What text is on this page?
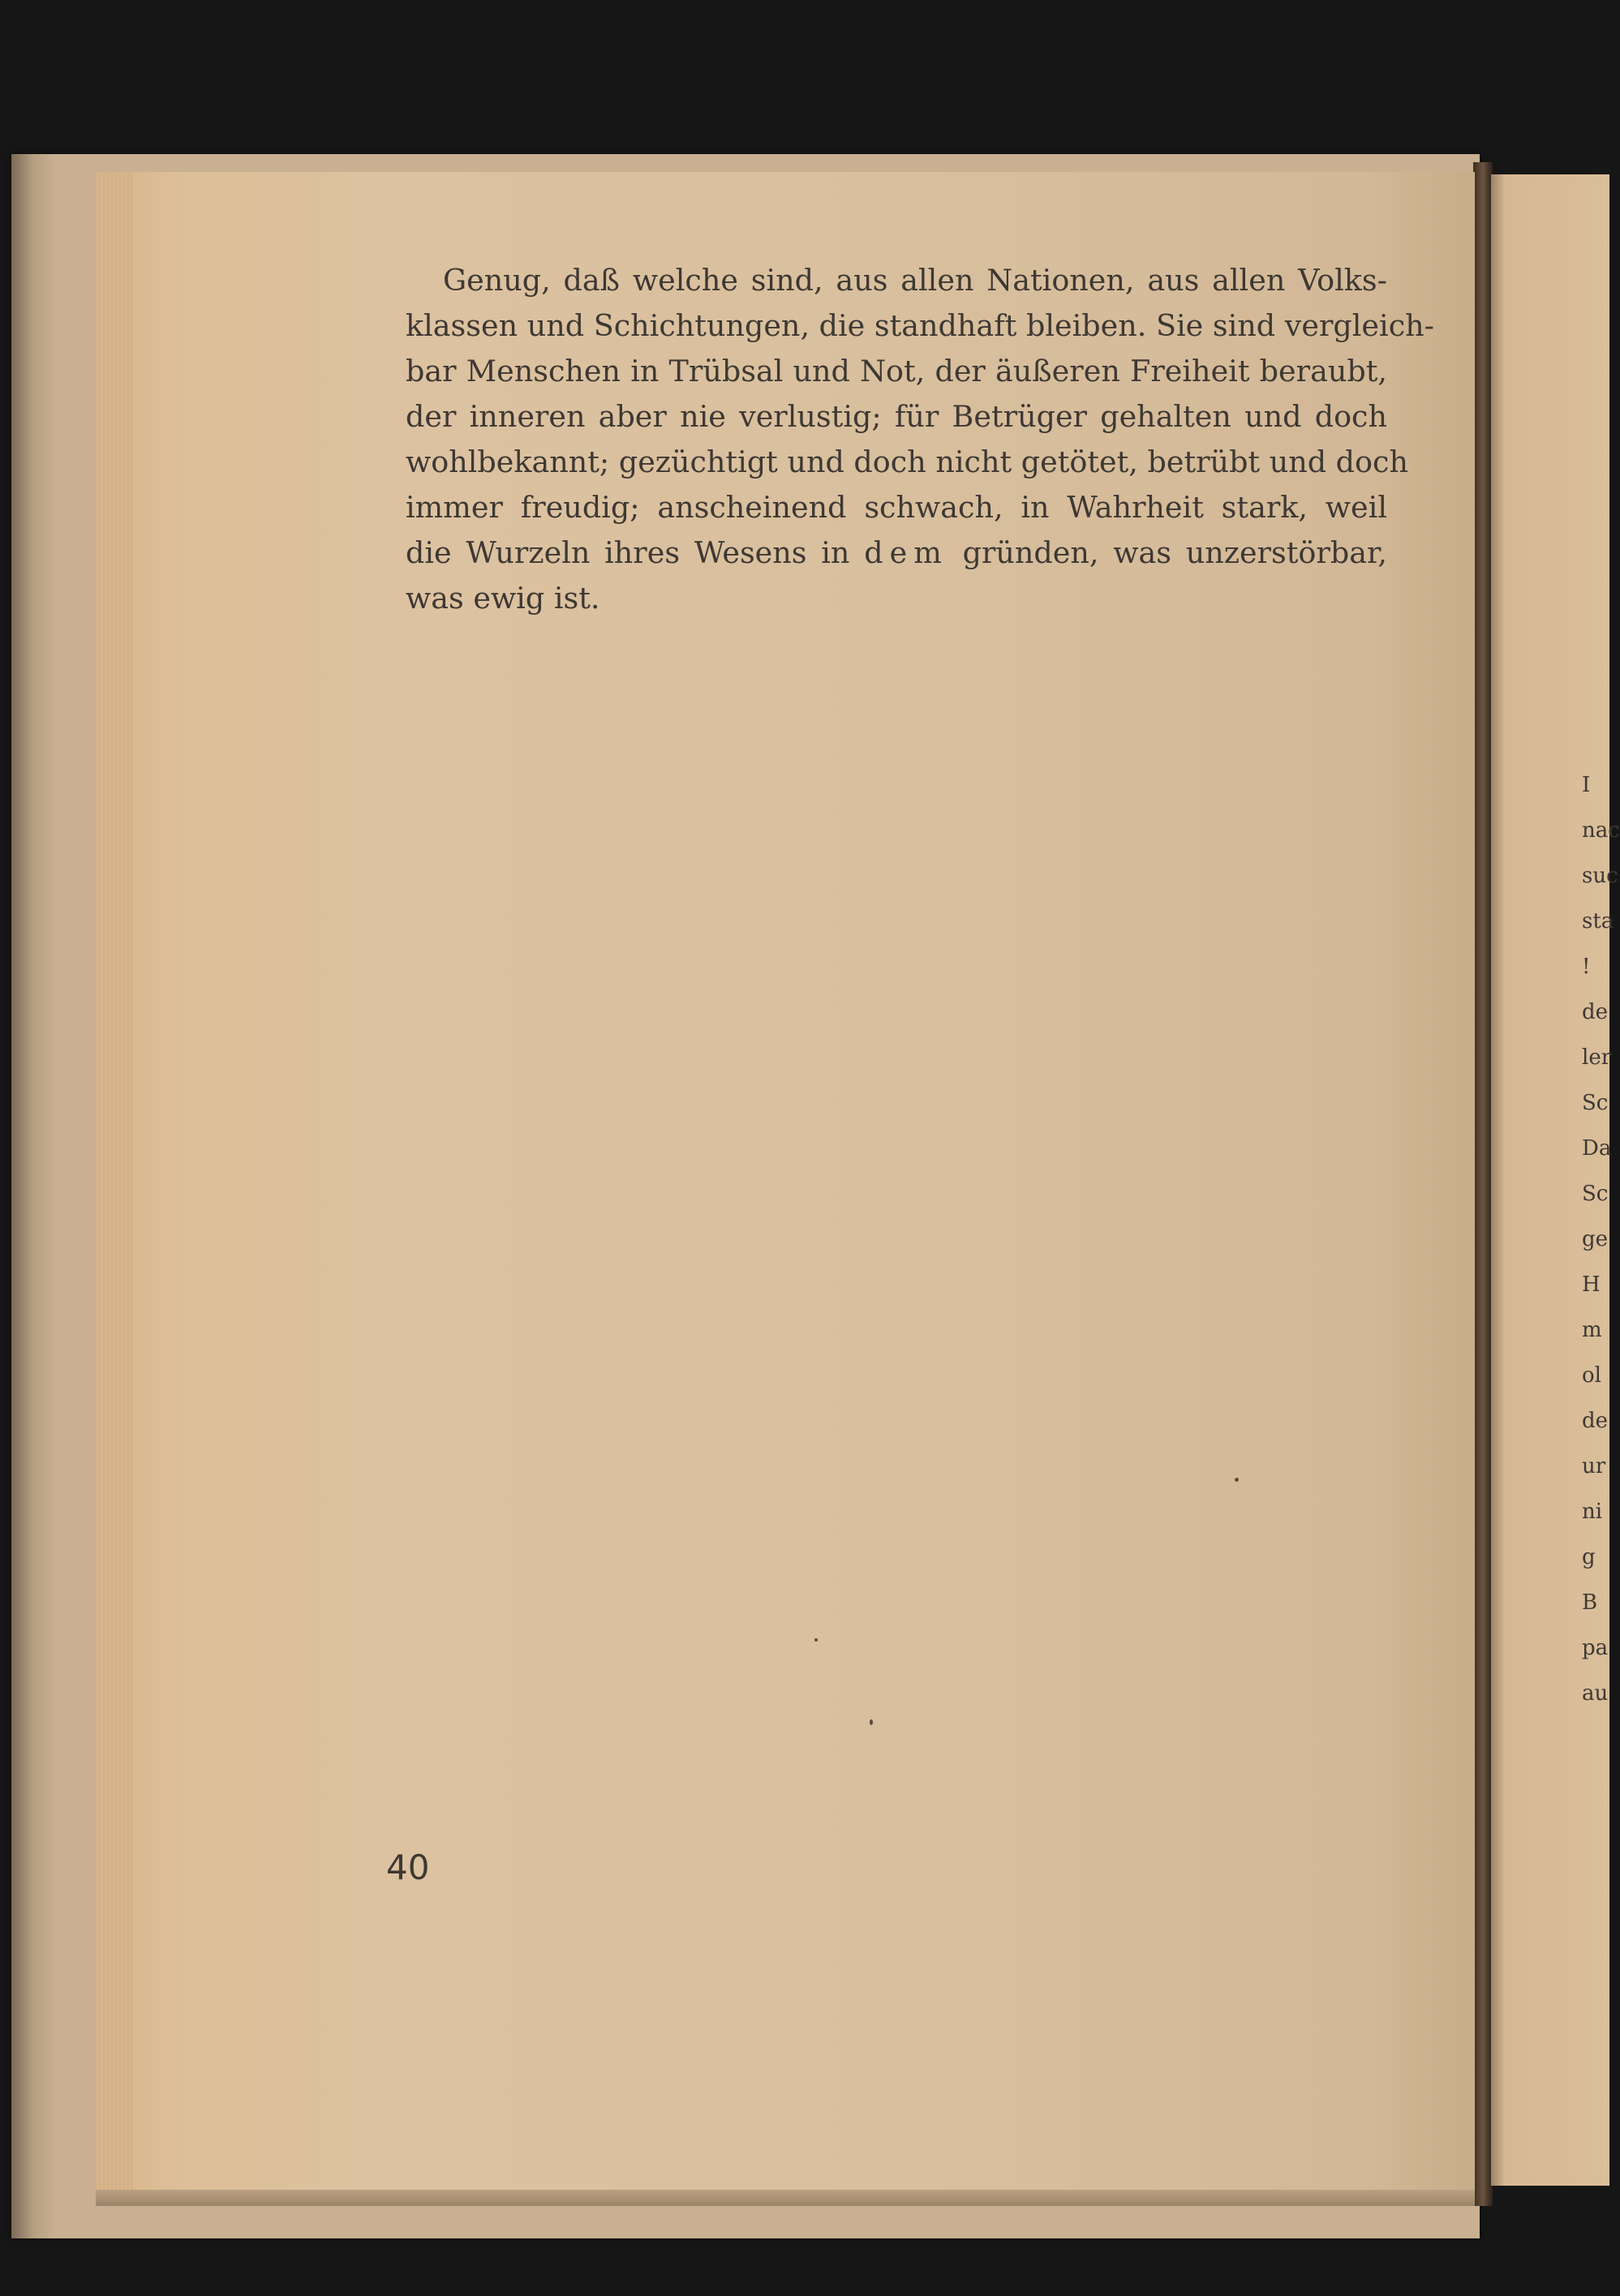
Genug, daß welche sind, aus allen Nationen, aus allen Volks-
klassen und Schichtungen, die standhaft bleiben. Sie sind vergleich-
bar Menschen in Trübsal und Not, der äußeren Freiheit beraubt,
der inneren aber nie verlustig; für Betrüger gehalten und doch
wohlbekannt; gezüchtigt und doch nicht getötet, betrübt und doch
immer freudig; anscheinend schwach, in Wahrheit stark, weil
die Wurzeln ihres Wesens in dem gründen, was unzerstörbar,
was ewig ist.
40
I
nac
suc
sta
!
de
ler
Sc
Da
Sc
ge
H
m
ol
de
ur
ni
g
B
pa
au
